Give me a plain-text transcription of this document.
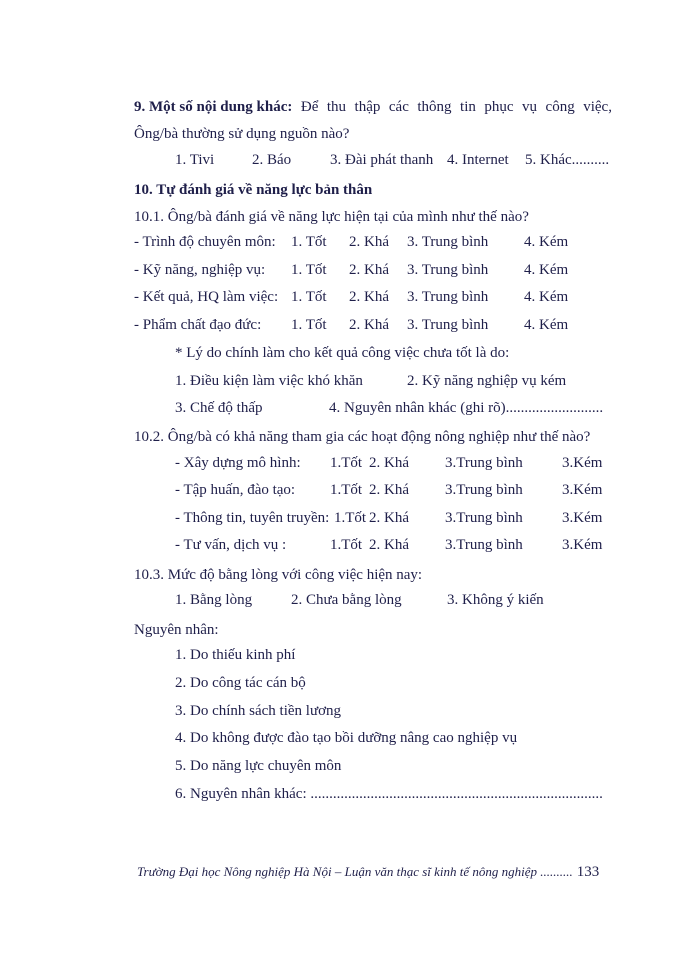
9. Một số nội dung khác: Để thu thập các thông tin phục vụ công việc,
Ông/bà thường sử dụng nguồn nào?
1. Tivi	2. Báo	3. Đài phát thanh 4. Internet 5. Khác..........
10. Tự đánh giá về năng lực bản thân
10.1. Ông/bà đánh giá về năng lực hiện tại của mình như thế nào?
- Trình độ chuyên môn: 1. Tốt 2. Khá 3. Trung bình 4. Kém
- Kỹ năng, nghiệp vụ: 1. Tốt 2. Khá 3. Trung bình 4. Kém
- Kết quả, HQ làm việc: 1. Tốt 2. Khá 3. Trung bình 4. Kém
- Phẩm chất đạo đức: 1. Tốt 2. Khá 3. Trung bình 4. Kém
* Lý do chính làm cho kết quả công việc chưa tốt là do:
1. Điều kiện làm việc khó khăn	2. Kỹ năng nghiệp vụ kém
3. Chế độ thấp	4. Nguyên nhân khác (ghi rõ)..........................
10.2. Ông/bà có khả năng tham gia các hoạt động nông nghiệp như thế nào?
- Xây dựng mô hình: 1.Tốt 2. Khá 3.Trung bình	3.Kém
- Tập huấn, đào tạo: 1.Tốt 2. Khá 3.Trung bình	3.Kém
- Thông tin, tuyên truyền: 1.Tốt 2. Khá 3.Trung bình	3.Kém
- Tư vấn, dịch vụ :	1.Tốt 2. Khá 3.Trung bình	3.Kém
10.3. Mức độ bằng lòng với công việc hiện nay:
1. Bằng lòng	2. Chưa bằng lòng	3. Không ý kiến
Nguyên nhân:
1. Do thiếu kinh phí
2. Do công tác cán bộ
3. Do chính sách tiền lương
4. Do không được đào tạo bồi dưỡng nâng cao nghiệp vụ
5. Do năng lực chuyên môn
6. Nguyên nhân khác: ..............................................................................
Trường Đại học Nông nghiệp Hà Nội – Luận văn thạc sĩ kinh tế nông nghiệp .......... 133
